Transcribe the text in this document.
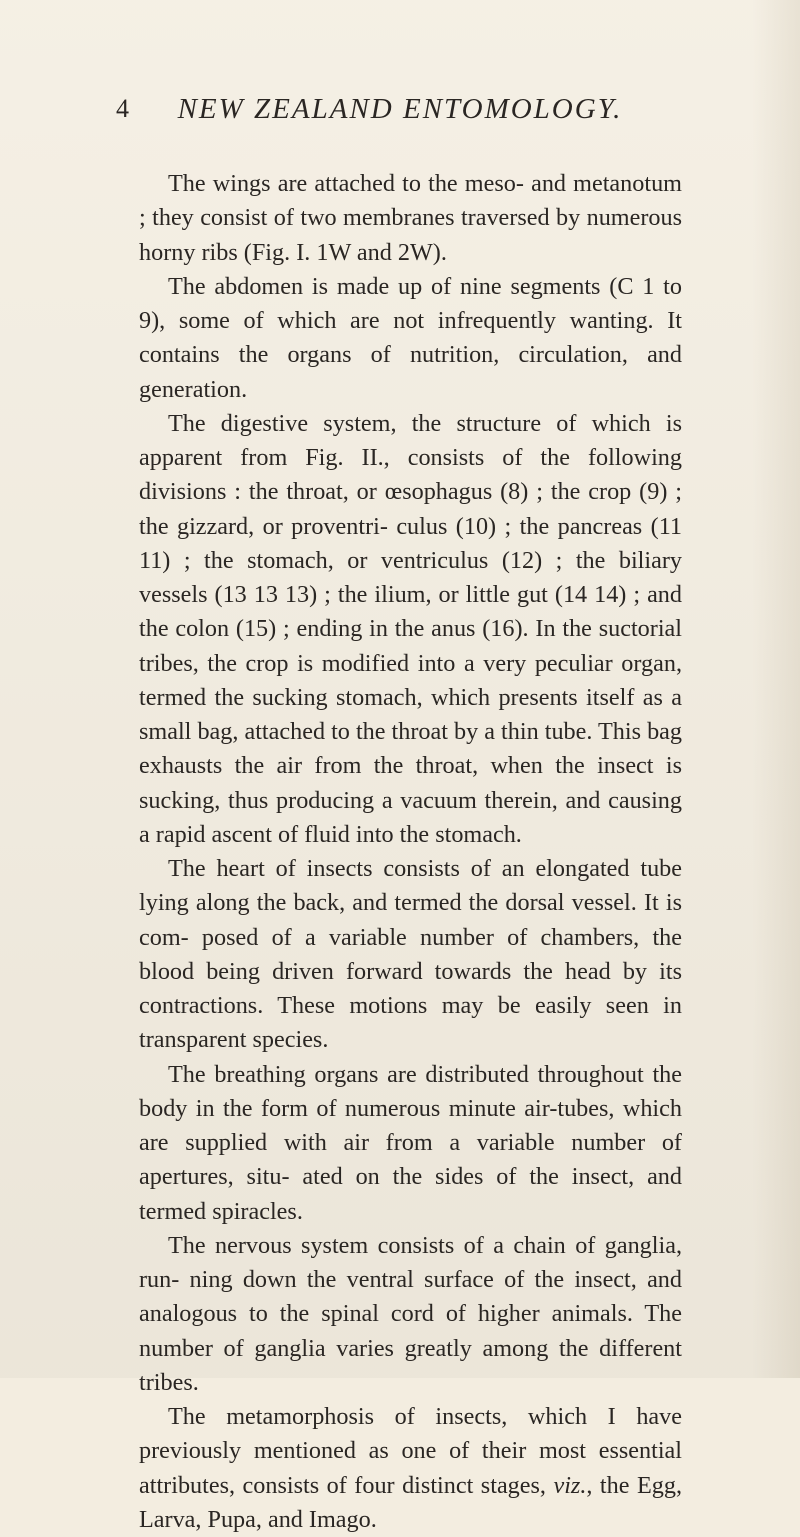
4	NEW ZEALAND ENTOMOLOGY.

The wings are attached to the meso- and metanotum ; they consist of two membranes traversed by numerous horny ribs (Fig. I. 1W and 2W).

The abdomen is made up of nine segments (C 1 to 9), some of which are not infrequently wanting. It contains the organs of nutrition, circulation, and generation.

The digestive system, the structure of which is apparent from Fig. II., consists of the following divisions : the throat, or œsophagus (8) ; the crop (9) ; the gizzard, or proventri- culus (10) ; the pancreas (11 11) ; the stomach, or ventriculus (12) ; the biliary vessels (13 13 13) ; the ilium, or little gut (14 14) ; and the colon (15) ; ending in the anus (16). In the suctorial tribes, the crop is modified into a very peculiar organ, termed the sucking stomach, which presents itself as a small bag, attached to the throat by a thin tube. This bag exhausts the air from the throat, when the insect is sucking, thus producing a vacuum therein, and causing a rapid ascent of fluid into the stomach.

The heart of insects consists of an elongated tube lying along the back, and termed the dorsal vessel. It is com- posed of a variable number of chambers, the blood being driven forward towards the head by its contractions. These motions may be easily seen in transparent species.

The breathing organs are distributed throughout the body in the form of numerous minute air-tubes, which are supplied with air from a variable number of apertures, situ- ated on the sides of the insect, and termed spiracles.

The nervous system consists of a chain of ganglia, run- ning down the ventral surface of the insect, and analogous to the spinal cord of higher animals. The number of ganglia varies greatly among the different tribes.

The metamorphosis of insects, which I have previously mentioned as one of their most essential attributes, consists of four distinct stages, viz., the Egg, Larva, Pupa, and Imago.
